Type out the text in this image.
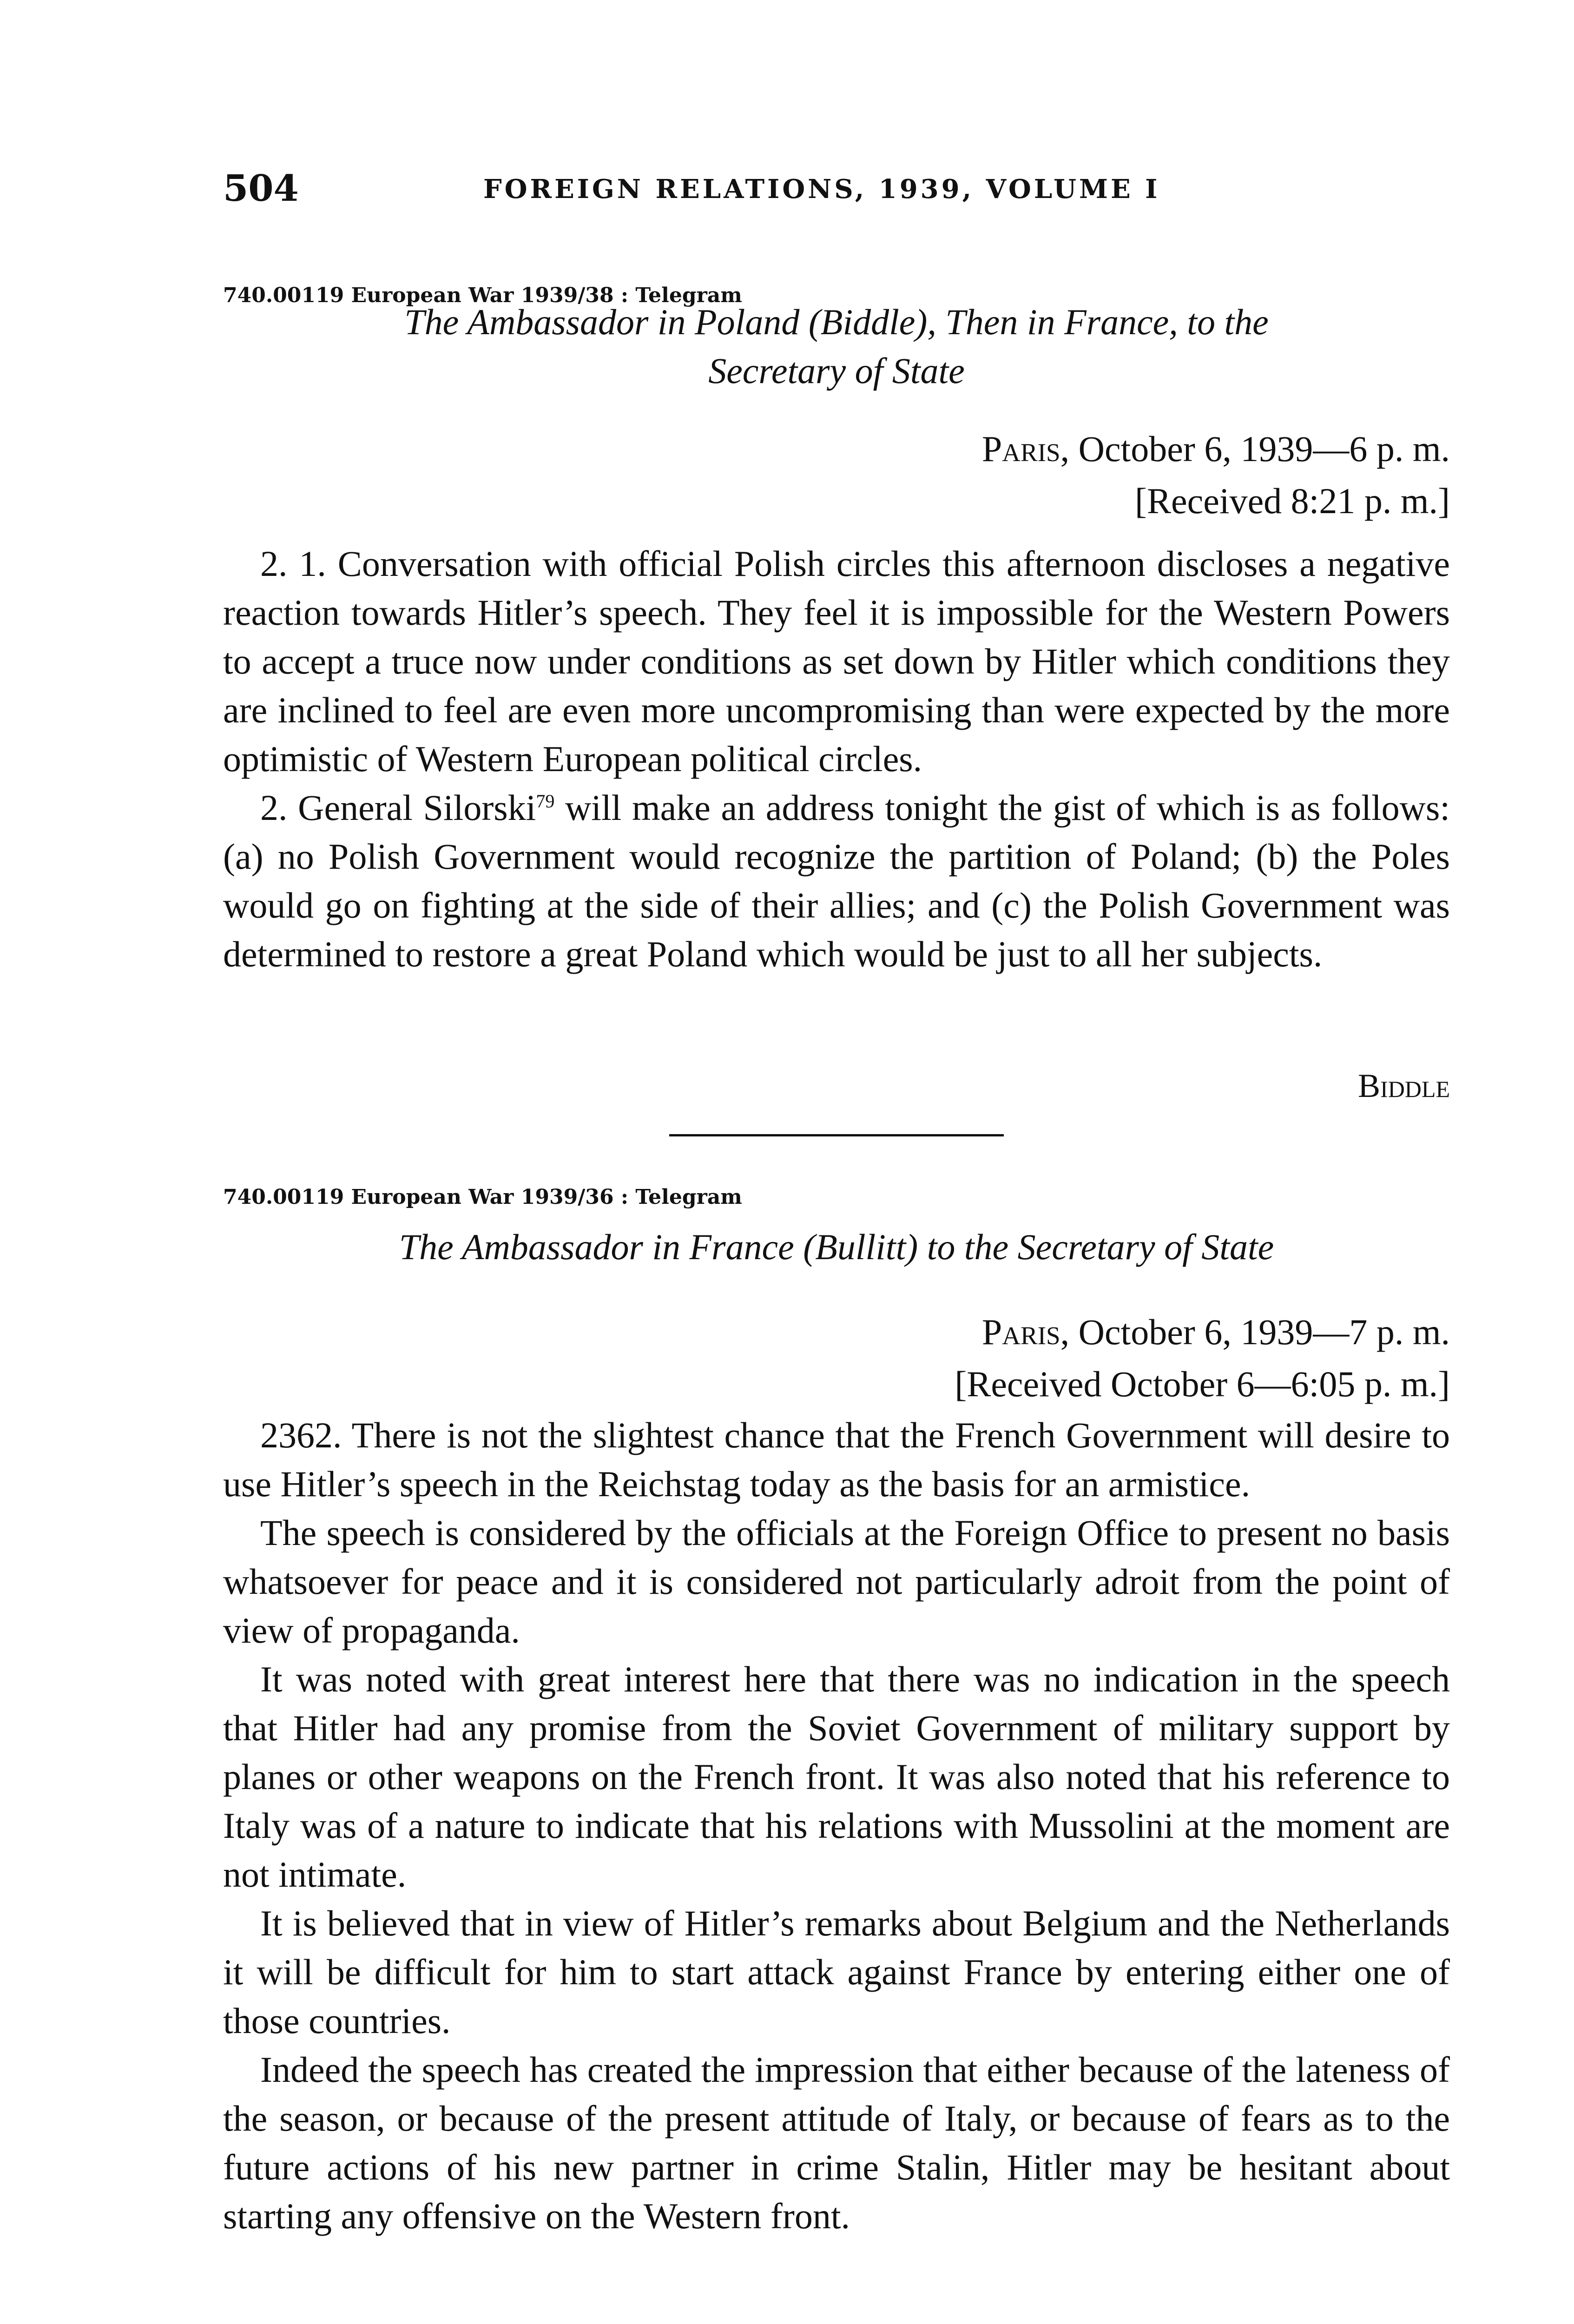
504	FOREIGN RELATIONS, 1939, VOLUME I
740.00119 European War 1939/38 : Telegram
The Ambassador in Poland (Biddle), Then in France, to the
Secretary of State
Paris, October 6, 1939—6 p. m.
[Received 8:21 p. m.]

2. 1. Conversation with official Polish circles this afternoon discloses a negative reaction towards Hitler’s speech. They feel it is impossible for the Western Powers to accept a truce now under conditions as set down by Hitler which conditions they are inclined to feel are even more uncompromising than were expected by the more optimistic of Western European political circles.

2. General Silorski$^{79}$ will make an address tonight the gist of which is as follows: (a) no Polish Government would recognize the partition of Poland; (b) the Poles would go on fighting at the side of their allies; and (c) the Polish Government was determined to restore a great Poland which would be just to all her subjects.

Biddle
740.00119 European War 1939/36 : Telegram
The Ambassador in France (Bullitt) to the Secretary of State
Paris, October 6, 1939—7 p. m.
[Received October 6—6:05 p. m.]

2362. There is not the slightest chance that the French Government will desire to use Hitler’s speech in the Reichstag today as the basis for an armistice.

The speech is considered by the officials at the Foreign Office to present no basis whatsoever for peace and it is considered not particularly adroit from the point of view of propaganda.

It was noted with great interest here that there was no indication in the speech that Hitler had any promise from the Soviet Government of military support by planes or other weapons on the French front. It was also noted that his reference to Italy was of a nature to indicate that his relations with Mussolini at the moment are not intimate.

It is believed that in view of Hitler’s remarks about Belgium and the Netherlands it will be difficult for him to start attack against France by entering either one of those countries.

Indeed the speech has created the impression that either because of the lateness of the season, or because of the present attitude of Italy, or because of fears as to the future actions of his new partner in crime Stalin, Hitler may be hesitant about starting any offensive on the Western front.
